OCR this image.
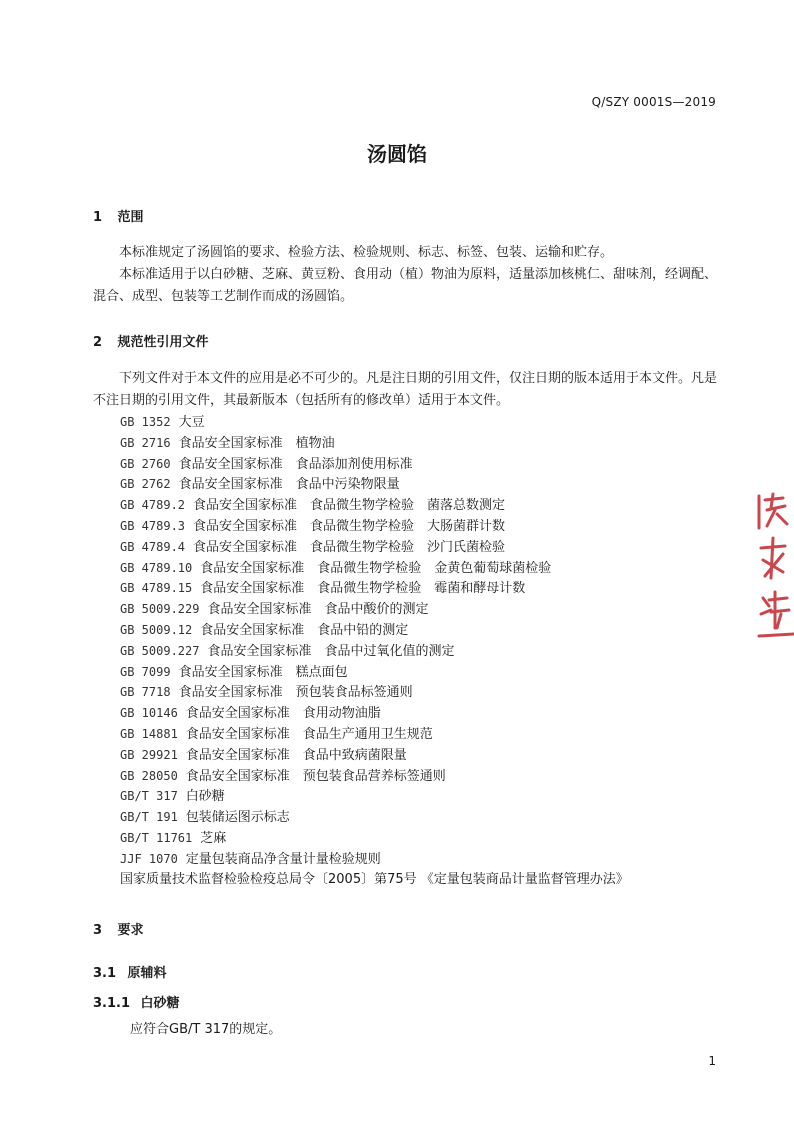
Q/SZY 0001S—2019
汤圆馅
1 范围
本标准规定了汤圆馅的要求、检验方法、检验规则、标志、标签、包装、运输和贮存。
本标准适用于以白砂糖、芝麻、黄豆粉、食用动（植）物油为原料，适量添加核桃仁、甜味剂，经调配、混合、成型、包装等工艺制作而成的汤圆馅。
2 规范性引用文件
下列文件对于本文件的应用是必不可少的。凡是注日期的引用文件，仅注日期的版本适用于本文件。凡是不注日期的引用文件，其最新版本（包括所有的修改单）适用于本文件。
GB 1352 大豆
GB 2716 食品安全国家标准　植物油
GB 2760 食品安全国家标准　食品添加剂使用标准
GB 2762 食品安全国家标准　食品中污染物限量
GB 4789.2 食品安全国家标准　食品微生物学检验　菌落总数测定
GB 4789.3 食品安全国家标准　食品微生物学检验　大肠菌群计数
GB 4789.4 食品安全国家标准　食品微生物学检验　沙门氏菌检验
GB 4789.10 食品安全国家标准　食品微生物学检验　金黄色葡萄球菌检验
GB 4789.15 食品安全国家标准　食品微生物学检验　霉菌和酵母计数
GB 5009.229 食品安全国家标准　食品中酸价的测定
GB 5009.12 食品安全国家标准　食品中铅的测定
GB 5009.227 食品安全国家标准　食品中过氧化值的测定
GB 7099 食品安全国家标准　糕点面包
GB 7718 食品安全国家标准　预包装食品标签通则
GB 10146 食品安全国家标准　食用动物油脂
GB 14881 食品安全国家标准　食品生产通用卫生规范
GB 29921 食品安全国家标准　食品中致病菌限量
GB 28050 食品安全国家标准　预包装食品营养标签通则
GB/T 317 白砂糖
GB/T 191 包装储运图示标志
GB/T 11761 芝麻
JJF 1070 定量包装商品净含量计量检验规则
国家质量技术监督检验检疫总局令〔2005〕第75号 《定量包装商品计量监督管理办法》
3 要求
3.1 原辅料
3.1.1 白砂糖
应符合GB/T 317的规定。
1
